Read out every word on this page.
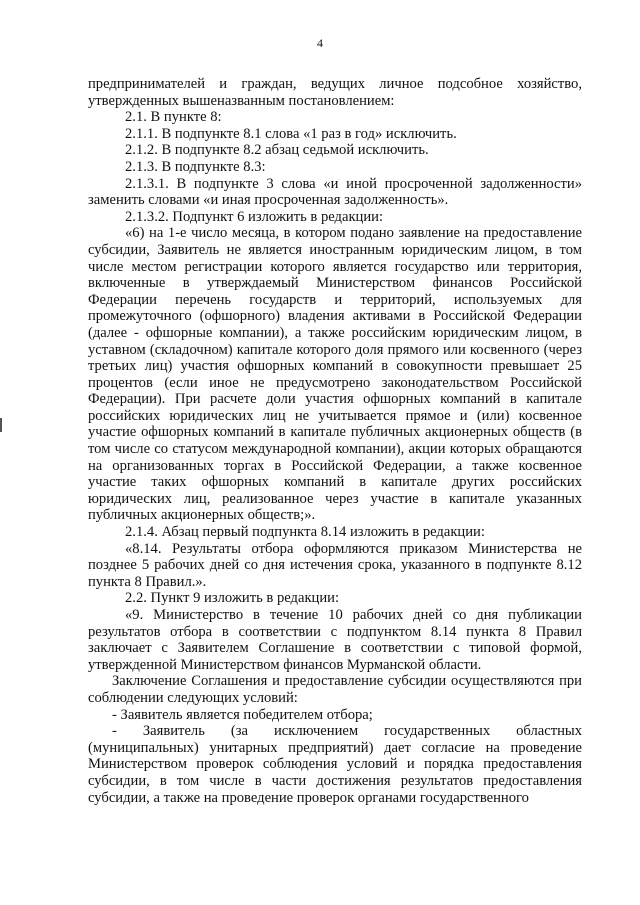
4

предпринимателей и граждан, ведущих личное подсобное хозяйство, утвержденных вышеназванным постановлением:

2.1. В пункте 8:

2.1.1. В подпункте 8.1 слова «1 раз в год» исключить.

2.1.2. В подпункте 8.2 абзац седьмой исключить.

2.1.3. В подпункте 8.3:

2.1.3.1. В подпункте 3 слова «и иной просроченной задолженности» заменить словами «и иная просроченная задолженность».

2.1.3.2. Подпункт 6 изложить в редакции:

«6) на 1-е число месяца, в котором подано заявление на предоставление субсидии, Заявитель не является иностранным юридическим лицом, в том числе местом регистрации которого является государство или территория, включенные в утверждаемый Министерством финансов Российской Федерации перечень государств и территорий, используемых для промежуточного (офшорного) владения активами в Российской Федерации (далее - офшорные компании), а также российским юридическим лицом, в уставном (складочном) капитале которого доля прямого или косвенного (через третьих лиц) участия офшорных компаний в совокупности превышает 25 процентов (если иное не предусмотрено законодательством Российской Федерации). При расчете доли участия офшорных компаний в капитале российских юридических лиц не учитывается прямое и (или) косвенное участие офшорных компаний в капитале публичных акционерных обществ (в том числе со статусом международной компании), акции которых обращаются на организованных торгах в Российской Федерации, а также косвенное участие таких офшорных компаний в капитале других российских юридических лиц, реализованное через участие в капитале указанных публичных акционерных обществ;».

2.1.4. Абзац первый подпункта 8.14 изложить в редакции:

«8.14. Результаты отбора оформляются приказом Министерства не позднее 5 рабочих дней со дня истечения срока, указанного в подпункте 8.12 пункта 8 Правил.».

2.2. Пункт 9 изложить в редакции:

«9. Министерство в течение 10 рабочих дней со дня публикации результатов отбора в соответствии с подпунктом 8.14 пункта 8 Правил заключает с Заявителем Соглашение в соответствии с типовой формой, утвержденной Министерством финансов Мурманской области.

Заключение Соглашения и предоставление субсидии осуществляются при соблюдении следующих условий:

- Заявитель является победителем отбора;

- Заявитель (за исключением государственных областных (муниципальных) унитарных предприятий) дает согласие на проведение Министерством проверок соблюдения условий и порядка предоставления субсидии, в том числе в части достижения результатов предоставления субсидии, а также на проведение проверок органами государственного
